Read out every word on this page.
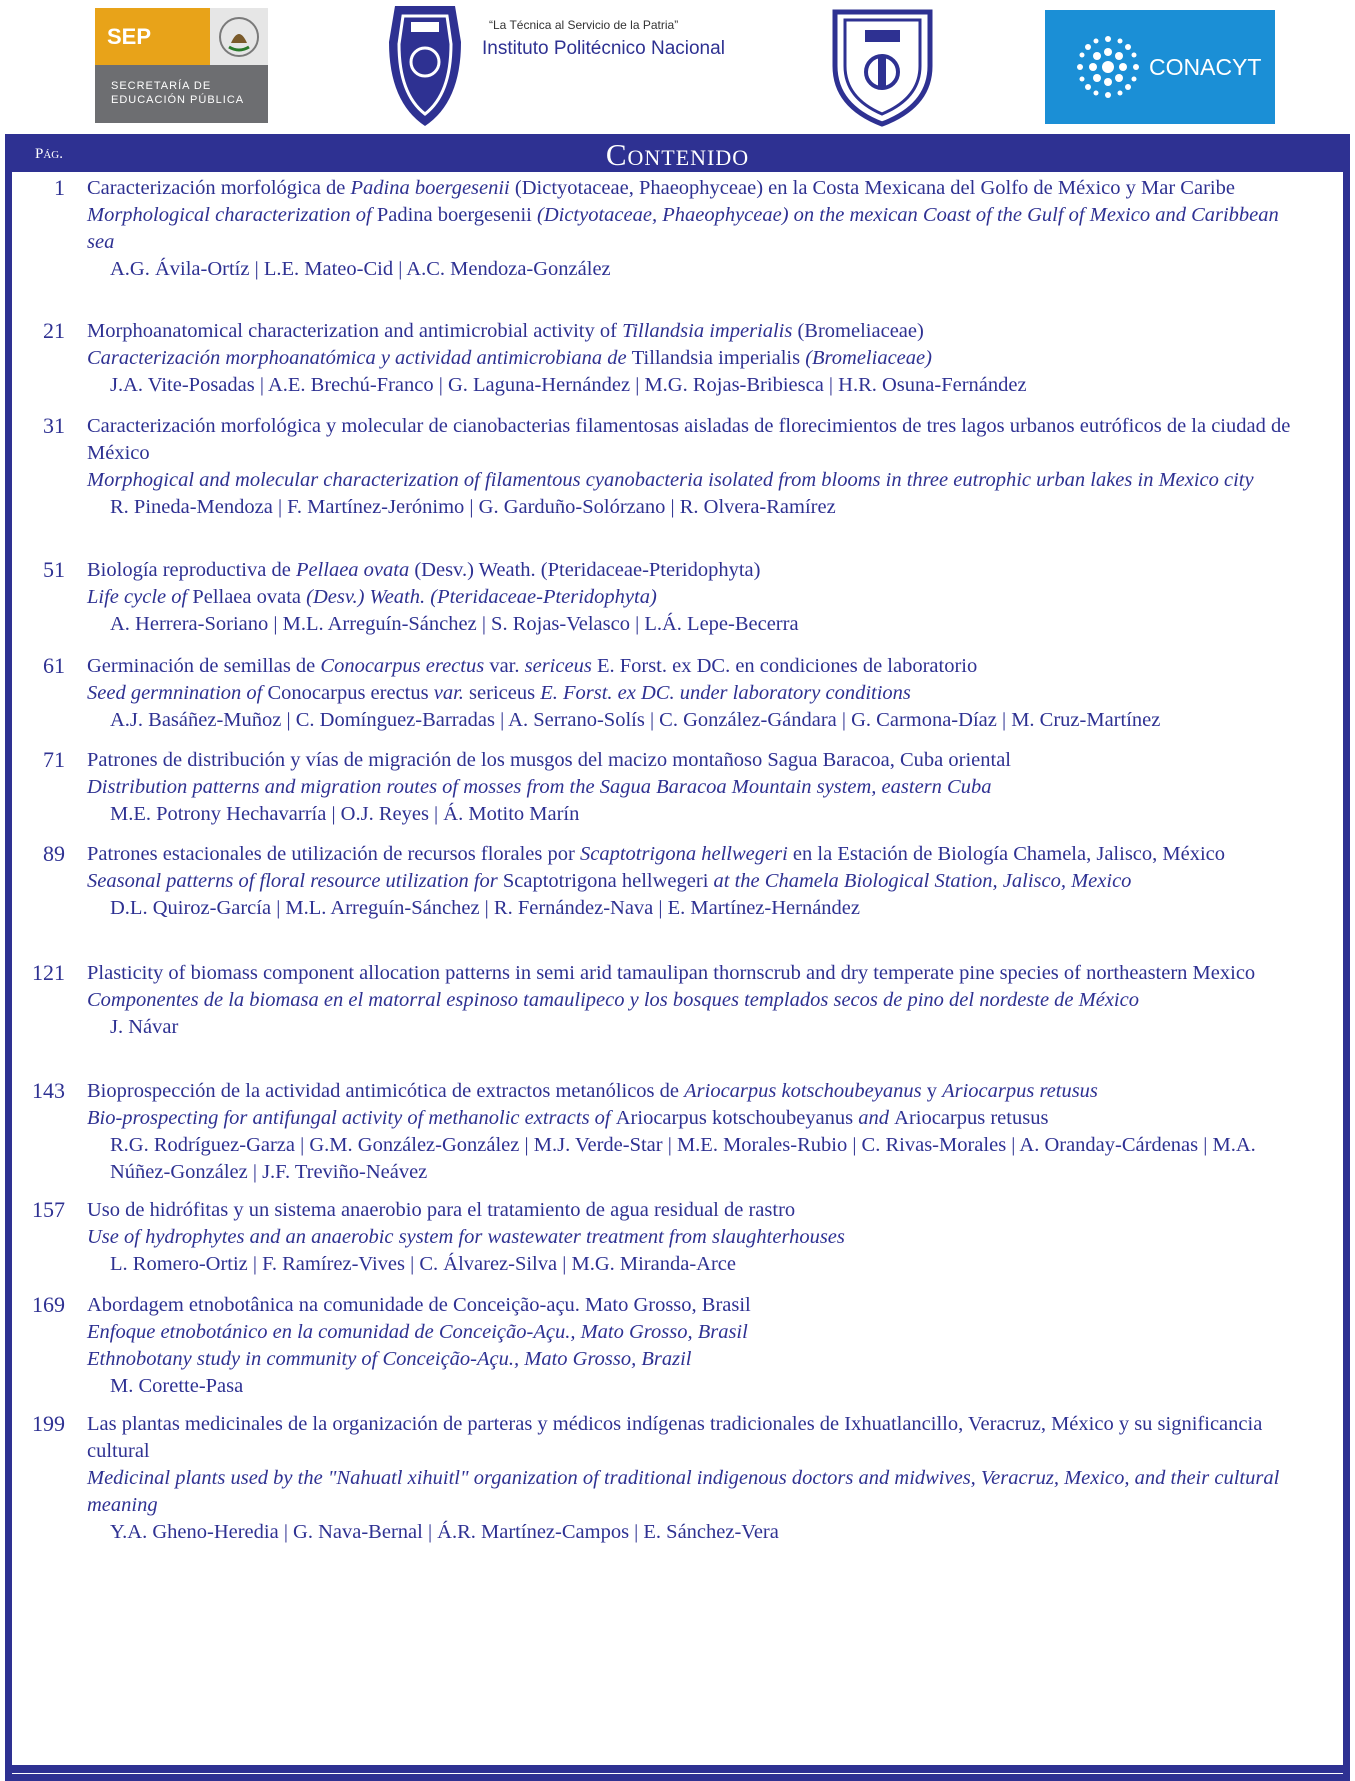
SEP
SECRETARÍA DE
EDUCACIÓN PÚBLICA
“La Técnica al Servicio de la Patria”
Instituto Politécnico Nacional
CONACYT
Pág.	Contenido
1 Caracterización morfológica de Padina boergesenii (Dictyotaceae, Phaeophyceae) en la Costa Mexicana del Golfo de México y Mar Caribe
Morphological characterization of Padina boergesenii (Dictyotaceae, Phaeophyceae) on the mexican Coast of the Gulf of Mexico and Caribbean sea
A.G. Ávila-Ortíz | L.E. Mateo-Cid | A.C. Mendoza-González
21 Morphoanatomical characterization and antimicrobial activity of Tillandsia imperialis (Bromeliaceae)
Caracterización morphoanatómica y actividad antimicrobiana de Tillandsia imperialis (Bromeliaceae)
J.A. Vite-Posadas | A.E. Brechú-Franco | G. Laguna-Hernández | M.G. Rojas-Bribiesca | H.R. Osuna-Fernández
31 Caracterización morfológica y molecular de cianobacterias filamentosas aisladas de florecimientos de tres lagos urbanos eutróficos de la ciudad de México
Morphogical and molecular characterization of filamentous cyanobacteria isolated from blooms in three eutrophic urban lakes in Mexico city
R. Pineda-Mendoza | F. Martínez-Jerónimo | G. Garduño-Solórzano | R. Olvera-Ramírez
51 Biología reproductiva de Pellaea ovata (Desv.) Weath. (Pteridaceae-Pteridophyta)
Life cycle of Pellaea ovata (Desv.) Weath. (Pteridaceae-Pteridophyta)
A. Herrera-Soriano | M.L. Arreguín-Sánchez | S. Rojas-Velasco | L.Á. Lepe-Becerra
61 Germinación de semillas de Conocarpus erectus var. sericeus E. Forst. ex DC. en condiciones de laboratorio
Seed germnination of Conocarpus erectus var. sericeus E. Forst. ex DC. under laboratory conditions
A.J. Basáñez-Muñoz | C. Domínguez-Barradas | A. Serrano-Solís | C. González-Gándara | G. Carmona-Díaz | M. Cruz-Martínez
71 Patrones de distribución y vías de migración de los musgos del macizo montañoso Sagua Baracoa, Cuba oriental
Distribution patterns and migration routes of mosses from the Sagua Baracoa Mountain system, eastern Cuba
M.E. Potrony Hechavarría | O.J. Reyes | Á. Motito Marín
89 Patrones estacionales de utilización de recursos florales por Scaptotrigona hellwegeri en la Estación de Biología Chamela, Jalisco, México
Seasonal patterns of floral resource utilization for Scaptotrigona hellwegeri at the Chamela Biological Station, Jalisco, Mexico
D.L. Quiroz-García | M.L. Arreguín-Sánchez | R. Fernández-Nava | E. Martínez-Hernández
121 Plasticity of biomass component allocation patterns in semi arid tamaulipan thornscrub and dry temperate pine species of northeastern Mexico
Componentes de la biomasa en el matorral espinoso tamaulipeco y los bosques templados secos de pino del nordeste de México
J. Návar
143 Bioprospección de la actividad antimicótica de extractos metanólicos de Ariocarpus kotschoubeyanus y Ariocarpus retusus
Bio-prospecting for antifungal activity of methanolic extracts of Ariocarpus kotschoubeyanus and Ariocarpus retusus
R.G. Rodríguez-Garza | G.M. González-González | M.J. Verde-Star | M.E. Morales-Rubio | C. Rivas-Morales | A. Oranday-Cárdenas | M.A. Núñez-González | J.F. Treviño-Neávez
157 Uso de hidrófitas y un sistema anaerobio para el tratamiento de agua residual de rastro
Use of hydrophytes and an anaerobic system for wastewater treatment from slaughterhouses
L. Romero-Ortiz | F. Ramírez-Vives | C. Álvarez-Silva | M.G. Miranda-Arce
169 Abordagem etnobotânica na comunidade de Conceição-açu. Mato Grosso, Brasil
Enfoque etnobotánico en la comunidad de Conceição-Açu., Mato Grosso, Brasil
Ethnobotany study in community of Conceição-Açu., Mato Grosso, Brazil
M. Corette-Pasa
199 Las plantas medicinales de la organización de parteras y médicos indígenas tradicionales de Ixhuatlancillo, Veracruz, México y su significancia cultural
Medicinal plants used by the "Nahuatl xihuitl" organization of traditional indigenous doctors and midwives, Veracruz, Mexico, and their cultural meaning
Y.A. Gheno-Heredia | G. Nava-Bernal | Á.R. Martínez-Campos | E. Sánchez-Vera
